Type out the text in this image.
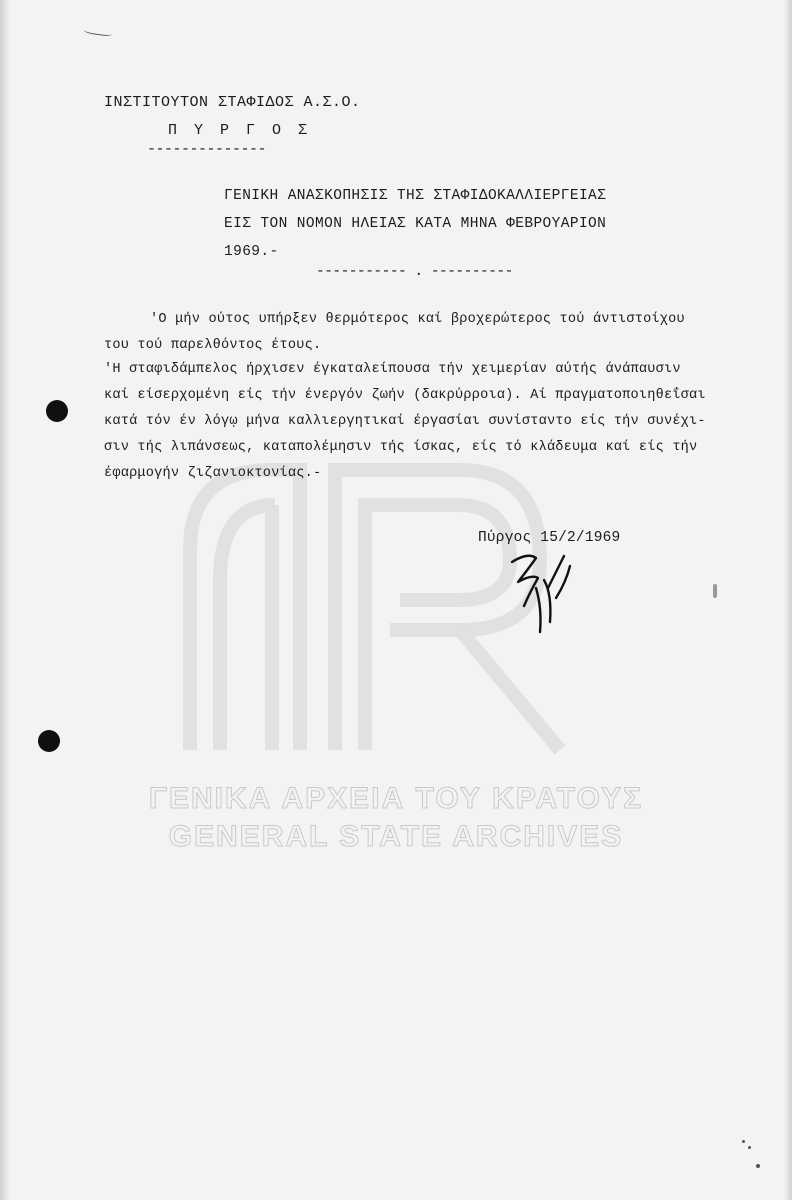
ΓΕΝΙΚΑ ΑΡΧΕΙΑ ΤΟΥ ΚΡΑΤΟΥΣ
GENERAL STATE ARCHIVES
ΙΝΣΤΙΤΟΥΤΟΝ ΣΤΑΦΙΔΟΣ Α.Σ.Ο.
Π Υ Ρ Γ Ο Σ
--------------
ΓΕΝΙΚΗ ΑΝΑΣΚΟΠΗΣΙΣ ΤΗΣ ΣΤΑΦΙΔΟΚΑΛΛΙΕΡΓΕΙΑΣ
ΕΙΣ ΤΟΝ ΝΟΜΟΝ ΗΛΕΙΑΣ ΚΑΤΑ ΜΗΝΑ ΦΕΒΡΟΥΑΡΙΟΝ
1969.-
----------- . ----------
'Ο μήν ούτος υπήρξεν θερμότερος καί βροχερώτερος τού άντιστοίχου
του τού παρελθόντος έτους.
'Η σταφιδάμπελος ήρχισεν έγκαταλείπουσα τήν χειμερίαν αύτής άνάπαυσιν
καί είσερχομένη είς τήν ένεργόν ζωήν (δακρύρροια). Αί πραγματοποιηθεΐσαι
κατά τόν έν λόγῳ μήνα καλλιεργητικαί έργασίαι συνίσταντο είς τήν συνέχι-
σιν τής λιπάνσεως, καταπολέμησιν τής ίσκας, είς τό κλάδευμα καί είς τήν
έφαρμογήν ζιζανιοκτονίας.-
Πύργος 15/2/1969
